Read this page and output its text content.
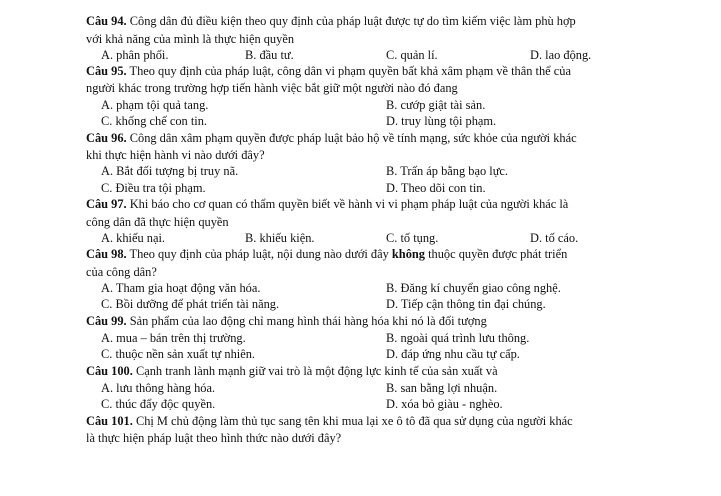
Câu 94. Công dân đủ điều kiện theo quy định của pháp luật được tự do tìm kiếm việc làm phù hợp
với khả năng của mình là thực hiện quyền
A. phân phối.	B. đầu tư.	C. quản lí.	D. lao động.
Câu 95. Theo quy định của pháp luật, công dân vi phạm quyền bất khả xâm phạm về thân thể của
người khác trong trường hợp tiến hành việc bắt giữ một người nào đó đang
A. phạm tội quả tang.	B. cướp giật tài sản.
C. khống chế con tin.	D. truy lùng tội phạm.
Câu 96. Công dân xâm phạm quyền được pháp luật bảo hộ về tính mạng, sức khỏe của người khác
khi thực hiện hành vi nào dưới đây?
A. Bắt đối tượng bị truy nã.	B. Trấn áp bằng bạo lực.
C. Điều tra tội phạm.	D. Theo dõi con tin.
Câu 97. Khi báo cho cơ quan có thẩm quyền biết về hành vi vi phạm pháp luật của người khác là
công dân đã thực hiện quyền
A. khiếu nại.	B. khiếu kiện.	C. tố tụng.	D. tố cáo.
Câu 98. Theo quy định của pháp luật, nội dung nào dưới đây không thuộc quyền được phát triển
của công dân?
A. Tham gia hoạt động văn hóa.	B. Đăng kí chuyển giao công nghệ.
C. Bồi dưỡng để phát triển tài năng.	D. Tiếp cận thông tin đại chúng.
Câu 99. Sản phẩm của lao động chỉ mang hình thái hàng hóa khi nó là đối tượng
A. mua – bán trên thị trường.	B. ngoài quá trình lưu thông.
C. thuộc nền sản xuất tự nhiên.	D. đáp ứng nhu cầu tự cấp.
Câu 100. Cạnh tranh lành mạnh giữ vai trò là một động lực kinh tế của sản xuất và
A. lưu thông hàng hóa.	B. san bằng lợi nhuận.
C. thúc đẩy độc quyền.	D. xóa bỏ giàu - nghèo.
Câu 101. Chị M chủ động làm thủ tục sang tên khi mua lại xe ô tô đã qua sử dụng của người khác
là thực hiện pháp luật theo hình thức nào dưới đây?
